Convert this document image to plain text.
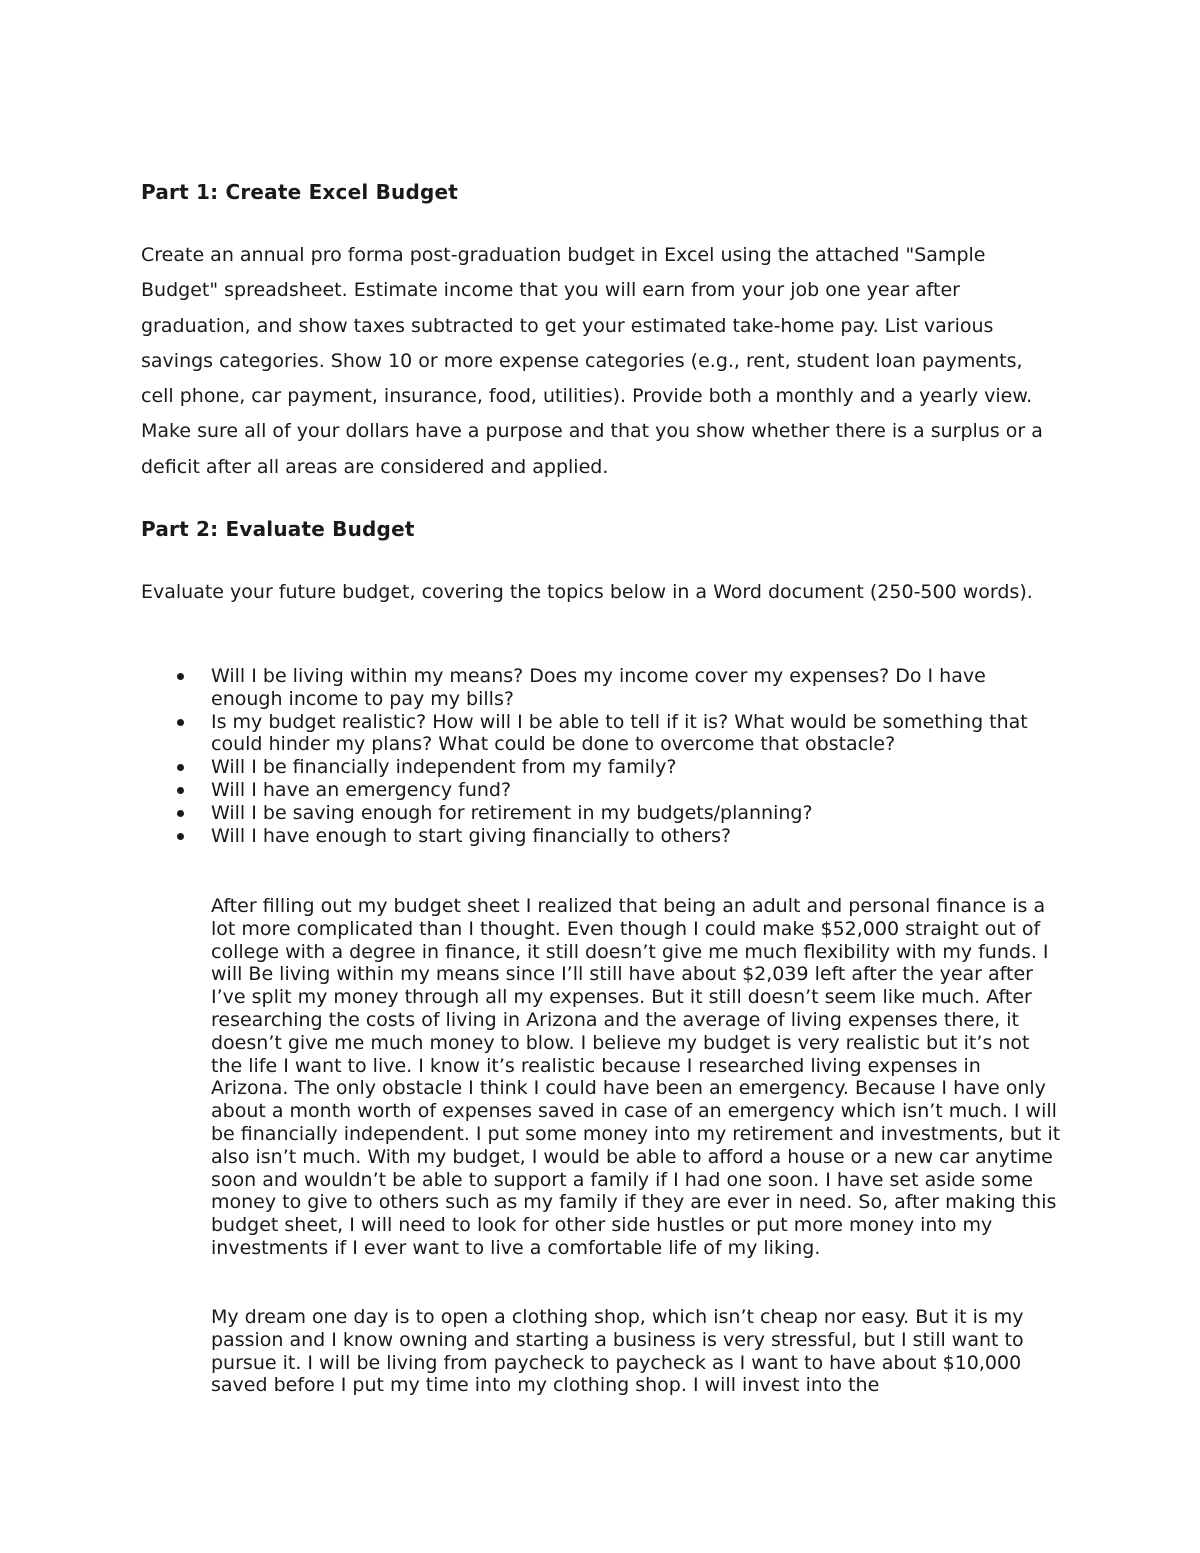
Part 1: Create Excel Budget

Create an annual pro forma post-graduation budget in Excel using the attached "Sample Budget" spreadsheet. Estimate income that you will earn from your job one year after graduation, and show taxes subtracted to get your estimated take-home pay. List various savings categories. Show 10 or more expense categories (e.g., rent, student loan payments, cell phone, car payment, insurance, food, utilities). Provide both a monthly and a yearly view. Make sure all of your dollars have a purpose and that you show whether there is a surplus or a deficit after all areas are considered and applied.

Part 2: Evaluate Budget

Evaluate your future budget, covering the topics below in a Word document (250-500 words).

Will I be living within my means? Does my income cover my expenses? Do I have enough income to pay my bills?
Is my budget realistic? How will I be able to tell if it is? What would be something that could hinder my plans? What could be done to overcome that obstacle?
Will I be financially independent from my family?
Will I have an emergency fund?
Will I be saving enough for retirement in my budgets/planning?
Will I have enough to start giving financially to others?

After filling out my budget sheet I realized that being an adult and personal finance is a lot more complicated than I thought. Even though I could make $52,000 straight out of college with a degree in finance, it still doesn’t give me much flexibility with my funds. I will Be living within my means since I’ll still have about $2,039 left after the year after I’ve split my money through all my expenses. But it still doesn’t seem like much. After researching the costs of living in Arizona and the average of living expenses there, it doesn’t give me much money to blow. I believe my budget is very realistic but it’s not the life I want to live. I know it’s realistic because I researched living expenses in Arizona. The only obstacle I think I could have been an emergency. Because I have only about a month worth of expenses saved in case of an emergency which isn’t much. I will be financially independent. I put some money into my retirement and investments, but it also isn’t much. With my budget, I would be able to afford a house or a new car anytime soon and wouldn’t be able to support a family if I had one soon. I have set aside some money to give to others such as my family if they are ever in need. So, after making this budget sheet, I will need to look for other side hustles or put more money into my investments if I ever want to live a comfortable life of my liking.

My dream one day is to open a clothing shop, which isn’t cheap nor easy. But it is my passion and I know owning and starting a business is very stressful, but I still want to pursue it. I will be living from paycheck to paycheck as I want to have about $10,000 saved before I put my time into my clothing shop. I will invest into the
